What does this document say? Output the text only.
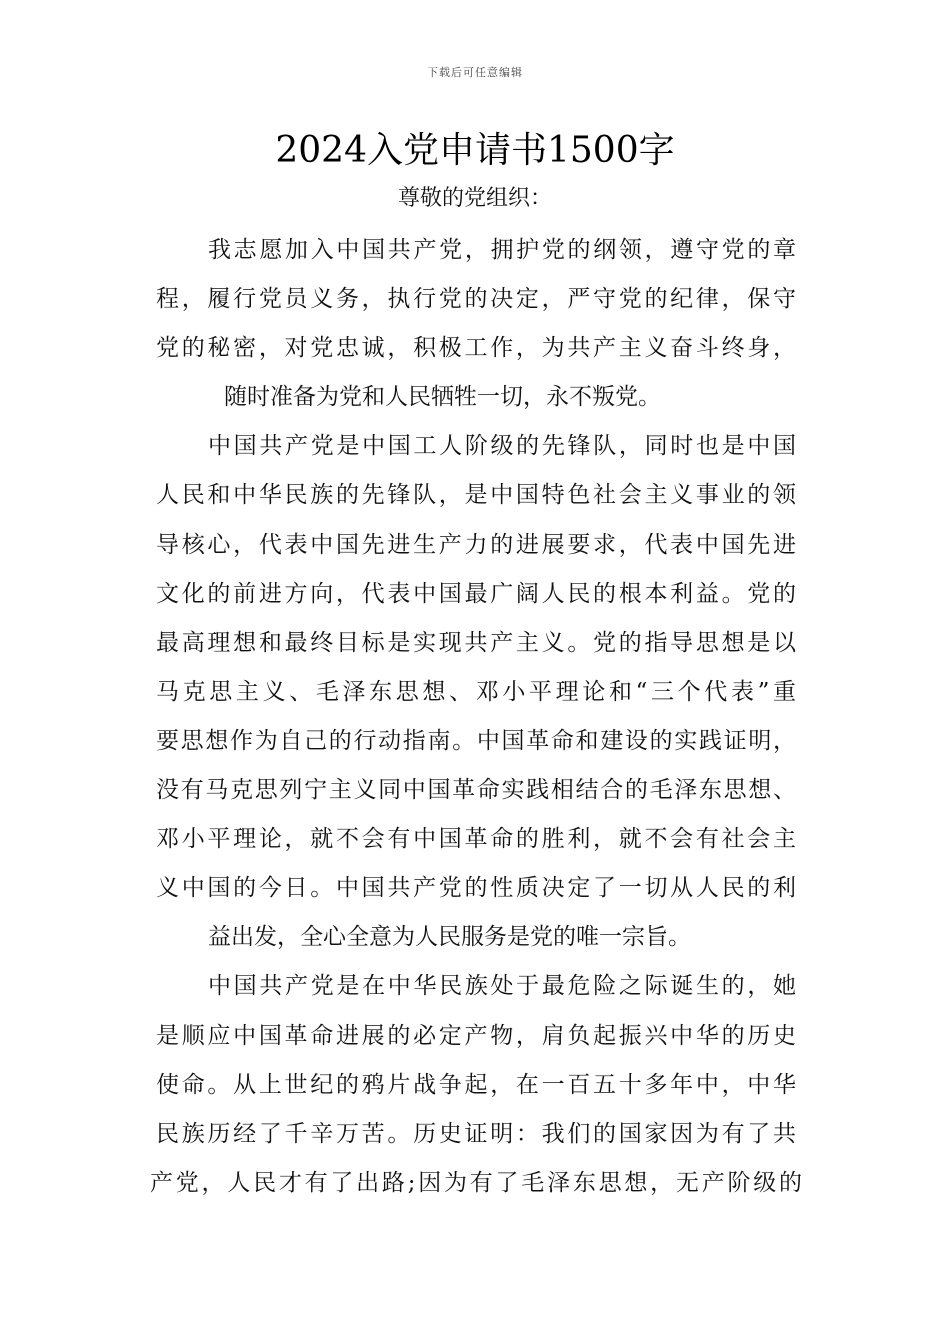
下载后可任意编辑
2024入党申请书1500字
尊敬的党组织：
我志愿加入中国共产党，拥护党的纲领，遵守党的章
程，履行党员义务，执行党的决定，严守党的纪律，保守
党的秘密，对党忠诚，积极工作，为共产主义奋斗终身，
随时准备为党和人民牺牲一切，永不叛党。
中国共产党是中国工人阶级的先锋队，同时也是中国
人民和中华民族的先锋队，是中国特色社会主义事业的领
导核心，代表中国先进生产力的进展要求，代表中国先进
文化的前进方向，代表中国最广阔人民的根本利益。党的
最高理想和最终目标是实现共产主义。党的指导思想是以
马克思主义、毛泽东思想、邓小平理论和“三个代表”重
要思想作为自己的行动指南。中国革命和建设的实践证明，
没有马克思列宁主义同中国革命实践相结合的毛泽东思想、
邓小平理论，就不会有中国革命的胜利，就不会有社会主
义中国的今日。中国共产党的性质决定了一切从人民的利
益出发，全心全意为人民服务是党的唯一宗旨。
中国共产党是在中华民族处于最危险之际诞生的，她
是顺应中国革命进展的必定产物，肩负起振兴中华的历史
使命。从上世纪的鸦片战争起，在一百五十多年中，中华
民族历经了千辛万苦。历史证明：我们的国家因为有了共
产党，人民才有了出路;因为有了毛泽东思想，无产阶级的
